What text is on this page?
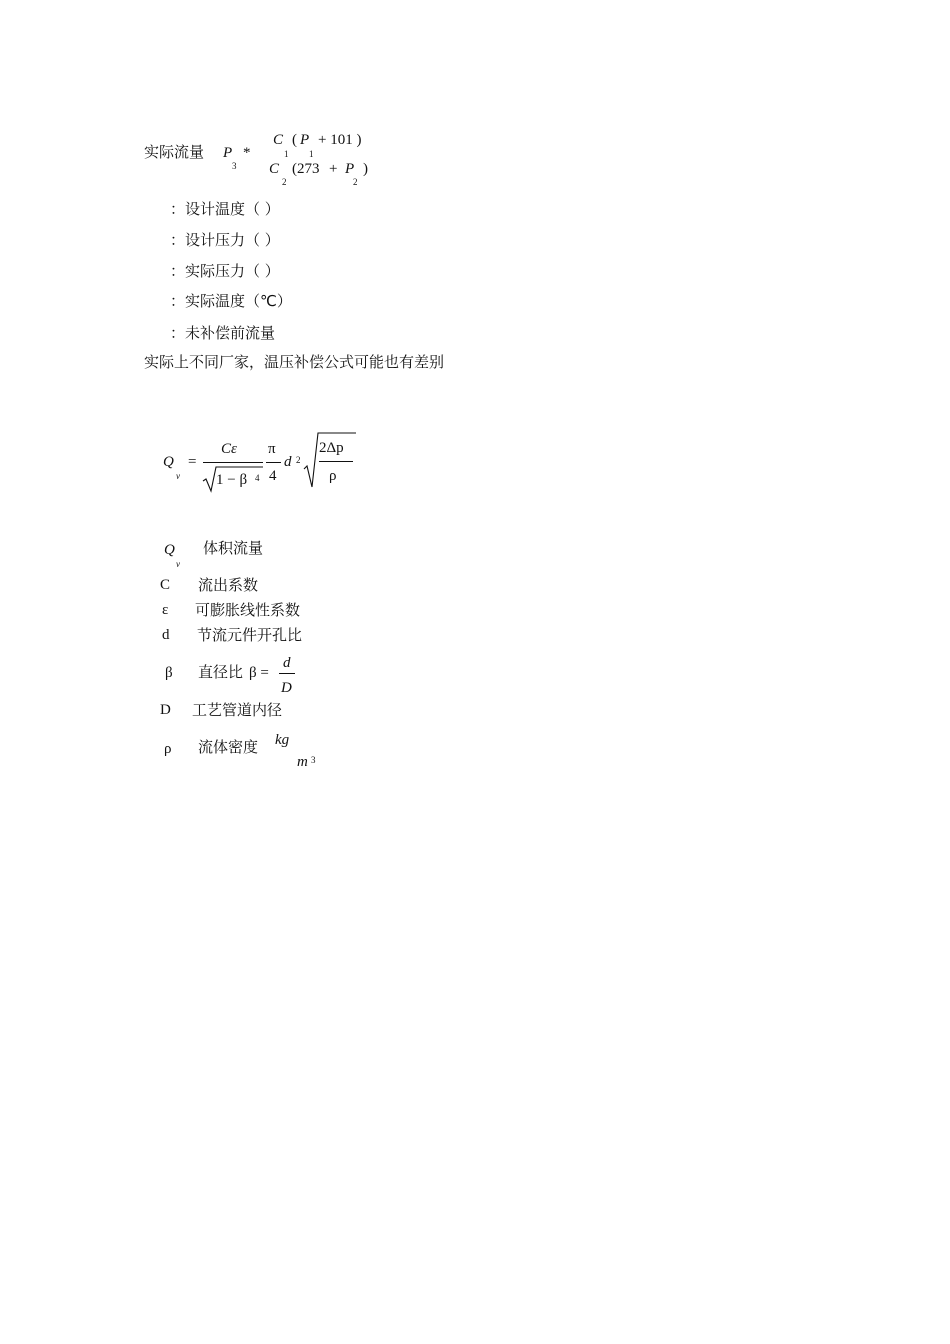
实际流量 P
3
*
C
1
( P
1
+ 101 )
C
2
(273 + P
2
)
：设计温度（ ）
：设计压力（ ）
：实际压力（ ）
：实际温度（℃）
：未补偿前流量
实际上不同厂家，温压补偿公式可能也有差别
Q
v
=
Cε
1 − β 4
π
4
d 2
2Δp
ρ
Q
v
体积流量
C 流出系数
ε 可膨胀线性系数
d 节流元件开孔比
β 直径比 β =
d
D
D 工艺管道内径
ρ 流体密度 kg
m 3
